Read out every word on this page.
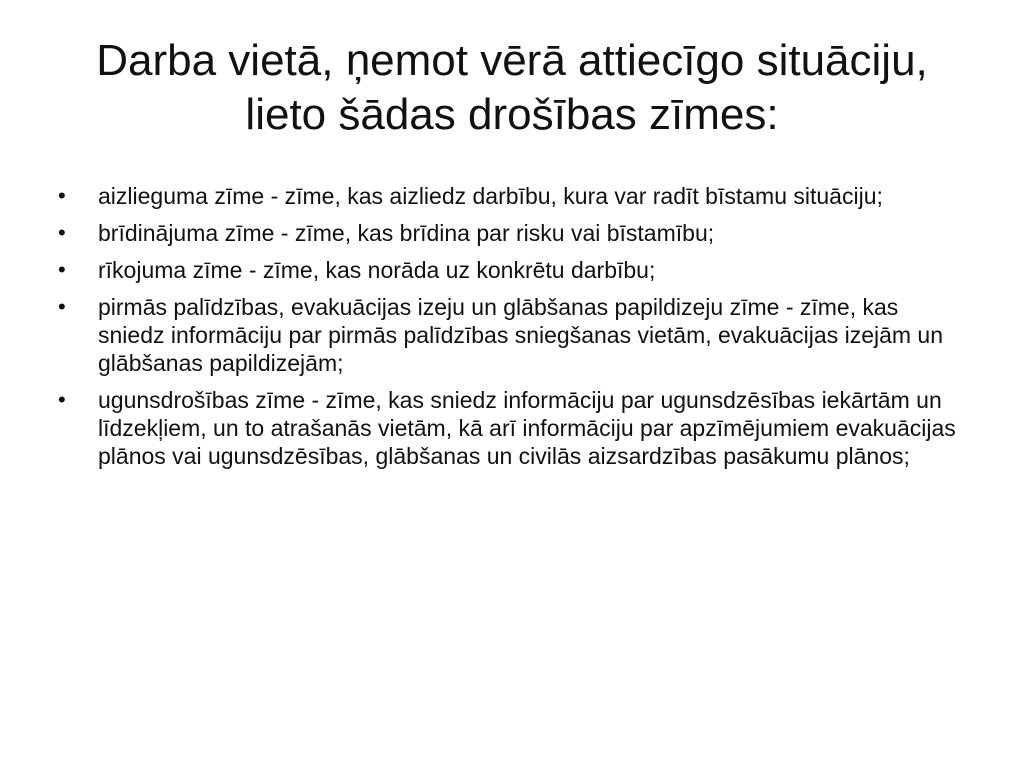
Darba vietā, ņemot vērā attiecīgo situāciju, lieto šādas drošības zīmes:
• aizlieguma zīme - zīme, kas aizliedz darbību, kura var radīt bīstamu situāciju;
• brīdinājuma zīme - zīme, kas brīdina par risku vai bīstamību;
• rīkojuma zīme - zīme, kas norāda uz konkrētu darbību;
• pirmās palīdzības, evakuācijas izeju un glābšanas papildizeju zīme - zīme, kas sniedz informāciju par pirmās palīdzības sniegšanas vietām, evakuācijas izejām un glābšanas papildizejām;
• ugunsdrošības zīme - zīme, kas sniedz informāciju par ugunsdzēsības iekārtām un līdzekļiem, un to atrašanās vietām, kā arī informāciju par apzīmējumiem evakuācijas plānos vai ugunsdzēsības, glābšanas un civilās aizsardzības pasākumu plānos;
